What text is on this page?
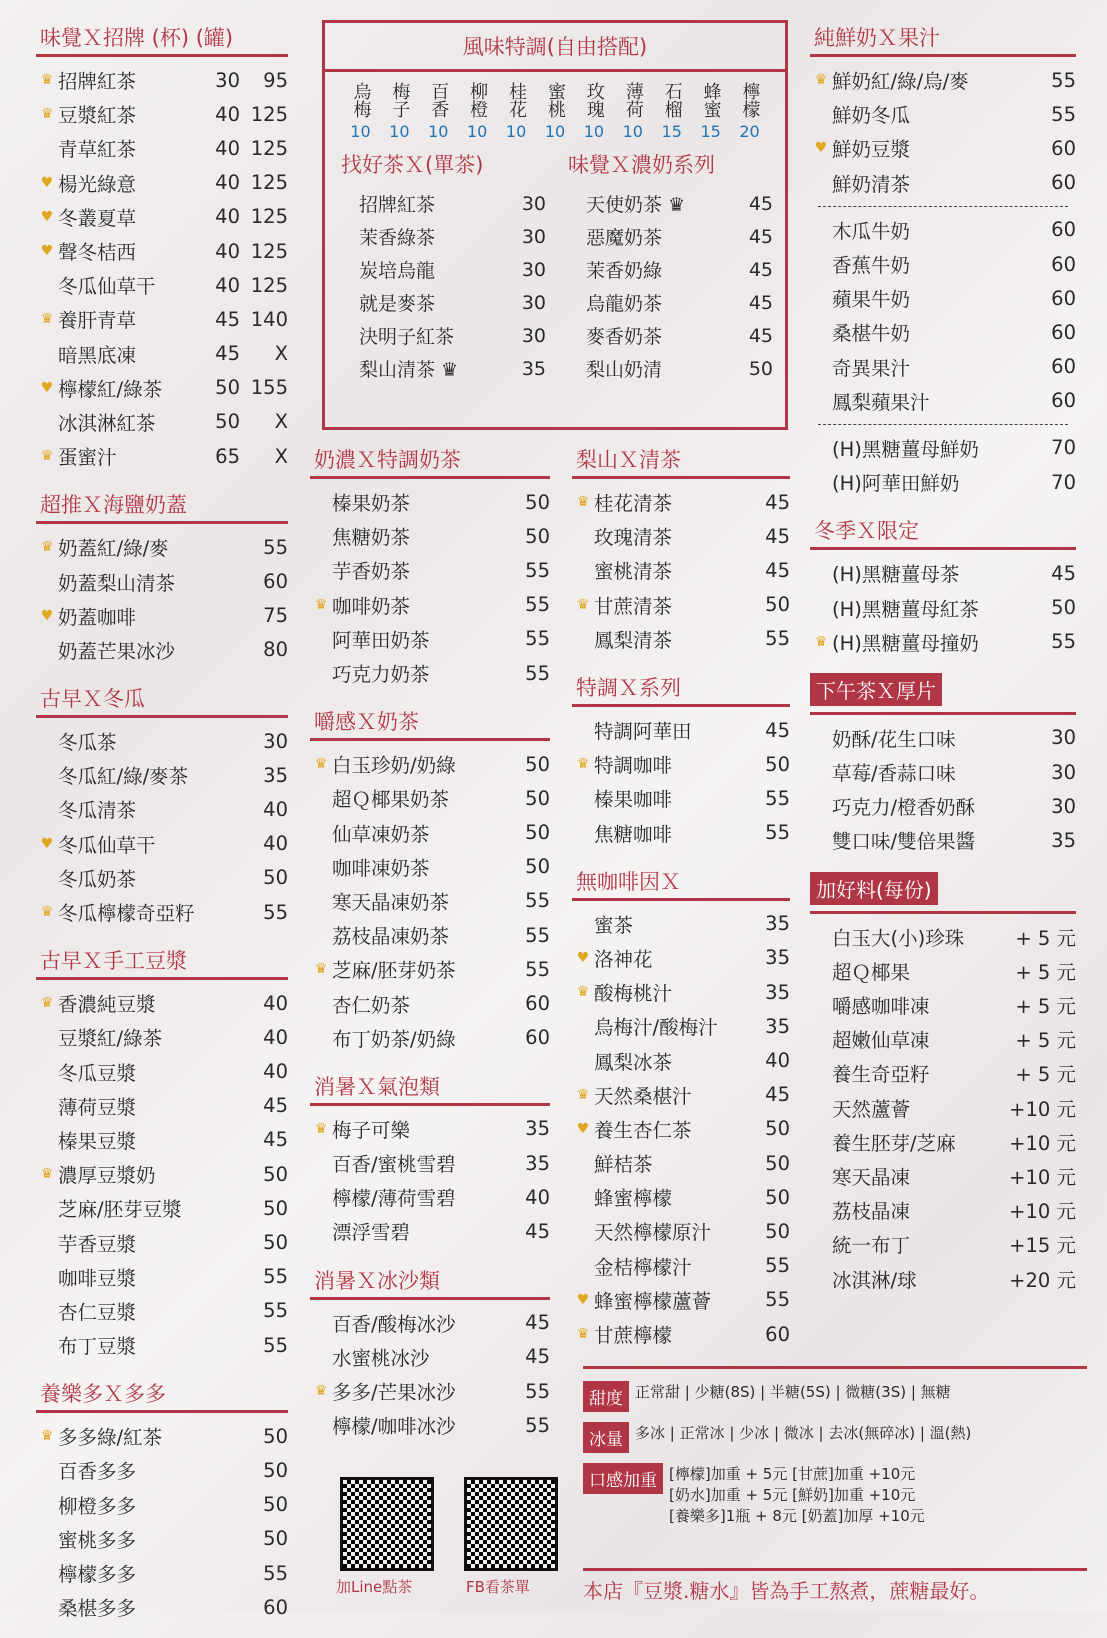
味覺Ｘ招牌 (杯) (罐)
♛ 招牌紅茶	30	95
♛ 豆漿紅茶	40 125
青草紅茶	40 125
♥ 楊光綠意	40 125
♥ 冬叢夏草	40 125
♥ 聲冬桔西	40 125
冬瓜仙草干	40 125
♛ 養肝青草	45 140
暗黑底凍	45	X
♥ 檸檬紅/綠茶	50 155
冰淇淋紅茶	50	X
♛ 蛋蜜汁	65	X
超推Ｘ海鹽奶蓋
♛ 奶蓋紅/綠/麥	55
奶蓋梨山清茶	60
♥ 奶蓋咖啡	75
奶蓋芒果冰沙	80
古早Ｘ冬瓜
冬瓜茶	30
冬瓜紅/綠/麥茶	35
冬瓜清茶	40
♥ 冬瓜仙草干	40
冬瓜奶茶	50
♛ 冬瓜檸檬奇亞籽	55
古早Ｘ手工豆漿
♛ 香濃純豆漿	40
豆漿紅/綠茶	40
冬瓜豆漿	40
薄荷豆漿	45
榛果豆漿	45
♛ 濃厚豆漿奶	50
芝麻/胚芽豆漿	50
芋香豆漿	50
咖啡豆漿	55
杏仁豆漿	55
布丁豆漿	55
養樂多Ｘ多多
♛ 多多綠/紅茶	50
百香多多	50
柳橙多多	50
蜜桃多多	50
檸檬多多	55
桑椹多多	60
風味特調(自由搭配)
烏梅 梅子 百香 柳橙 桂花 蜜桃 玫瑰 薄荷 石榴 蜂蜜 檸檬
10	10	10	10	10	10	10	10	15	15	20
找好茶Ｘ(單茶)
招牌紅茶	30
茉香綠茶	30
炭培烏龍	30
就是麥茶	30
決明子紅茶	30
梨山清茶 ♛	35
味覺Ｘ濃奶系列
天使奶茶 ♛	45
惡魔奶茶	45
茉香奶綠	45
烏龍奶茶	45
麥香奶茶	45
梨山奶清	50
奶濃Ｘ特調奶茶
榛果奶茶	50
焦糖奶茶	50
芋香奶茶	55
♛ 咖啡奶茶	55
阿華田奶茶	55
巧克力奶茶	55
嚼感Ｘ奶茶
♛ 白玉珍奶/奶綠	50
超Ｑ椰果奶茶	50
仙草凍奶茶	50
咖啡凍奶茶	50
寒天晶凍奶茶	55
荔枝晶凍奶茶	55
♛ 芝麻/胚芽奶茶	55
杏仁奶茶	60
布丁奶茶/奶綠	60
消暑Ｘ氣泡類
♛ 梅子可樂	35
百香/蜜桃雪碧	35
檸檬/薄荷雪碧	40
漂浮雪碧	45
消暑Ｘ冰沙類
百香/酸梅冰沙	45
水蜜桃冰沙	45
♛ 多多/芒果冰沙	55
檸檬/咖啡冰沙	55
梨山Ｘ清茶
♛ 桂花清茶	45
玫瑰清茶	45
蜜桃清茶	45
♛ 甘蔗清茶	50
鳳梨清茶	55
特調Ｘ系列
特調阿華田	45
♛ 特調咖啡	50
榛果咖啡	55
焦糖咖啡	55
無咖啡因Ｘ
蜜茶	35
♥ 洛神花	35
♛ 酸梅桃汁	35
烏梅汁/酸梅汁	35
鳳梨冰茶	40
♛ 天然桑椹汁	45
♥ 養生杏仁茶	50
鮮桔茶	50
蜂蜜檸檬	50
天然檸檬原汁	50
金桔檸檬汁	55
♥ 蜂蜜檸檬蘆薈	55
♛ 甘蔗檸檬	60
純鮮奶Ｘ果汁
♛ 鮮奶紅/綠/烏/麥	55
鮮奶冬瓜	55
♥ 鮮奶豆漿	60
鮮奶清茶	60
木瓜牛奶	60
香蕉牛奶	60
蘋果牛奶	60
桑椹牛奶	60
奇異果汁	60
鳳梨蘋果汁	60
(H)黑糖薑母鮮奶	70
(H)阿華田鮮奶	70
冬季Ｘ限定
(H)黑糖薑母茶	45
(H)黑糖薑母紅茶	50
♛ (H)黑糖薑母撞奶	55
下午茶Ｘ厚片
奶酥/花生口味	30
草莓/香蒜口味	30
巧克力/橙香奶酥	30
雙口味/雙倍果醬	35
加好料(每份)
白玉大(小)珍珠	+ 5 元
超Ｑ椰果	+ 5 元
嚼感咖啡凍	+ 5 元
超嫩仙草凍	+ 5 元
養生奇亞籽	+ 5 元
天然蘆薈	+10 元
養生胚芽/芝麻	+10 元
寒天晶凍	+10 元
荔枝晶凍	+10 元
統一布丁	+15 元
冰淇淋/球	+20 元
加Line點茶	FB看茶單
甜度 正常甜 | 少糖(8S) | 半糖(5S) | 微糖(3S) | 無糖
冰量 多冰 | 正常冰 | 少冰 | 微冰 | 去冰(無碎冰) | 溫(熱)
口感加重 [檸檬]加重 + 5元 [甘蔗]加重 +10元
[奶水]加重 + 5元 [鮮奶]加重 +10元
[養樂多]1瓶 + 8元 [奶蓋]加厚 +10元
本店『豆漿.糖水』皆為手工熬煮，蔗糖最好。
